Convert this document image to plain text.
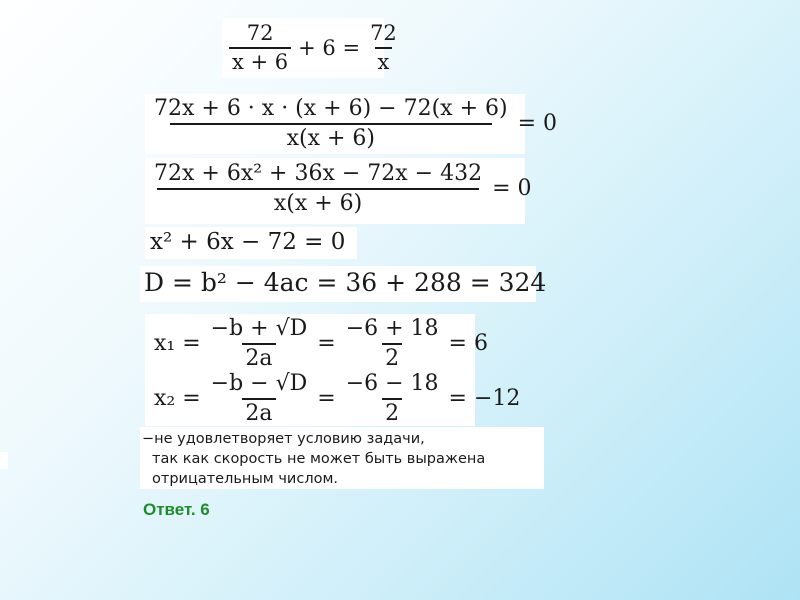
$\frac{72}{x + 6} + 6 = \frac{72}{x}$
$\frac{72x + 6 \cdot x \cdot (x + 6) - 72(x + 6)}{x(x + 6)} = 0$
$\frac{\text{72x + 6x² + 36x − 72x − 432}}{x(x + 6)} = 0$
x² + 6x − 72 = 0
D = b² − 4ac = 36 + 288 = 324
$x_1 = \frac{-b + √D}{2a} = \frac{-6 + 18}{2} = 6$
$x_2 = \frac{-b - √D}{2a} = \frac{-6 - 18}{2} = -12$
−не удовлетворяет условию задачи,
так как скорость не может быть выражена
отрицательным числом.
Ответ. 6
